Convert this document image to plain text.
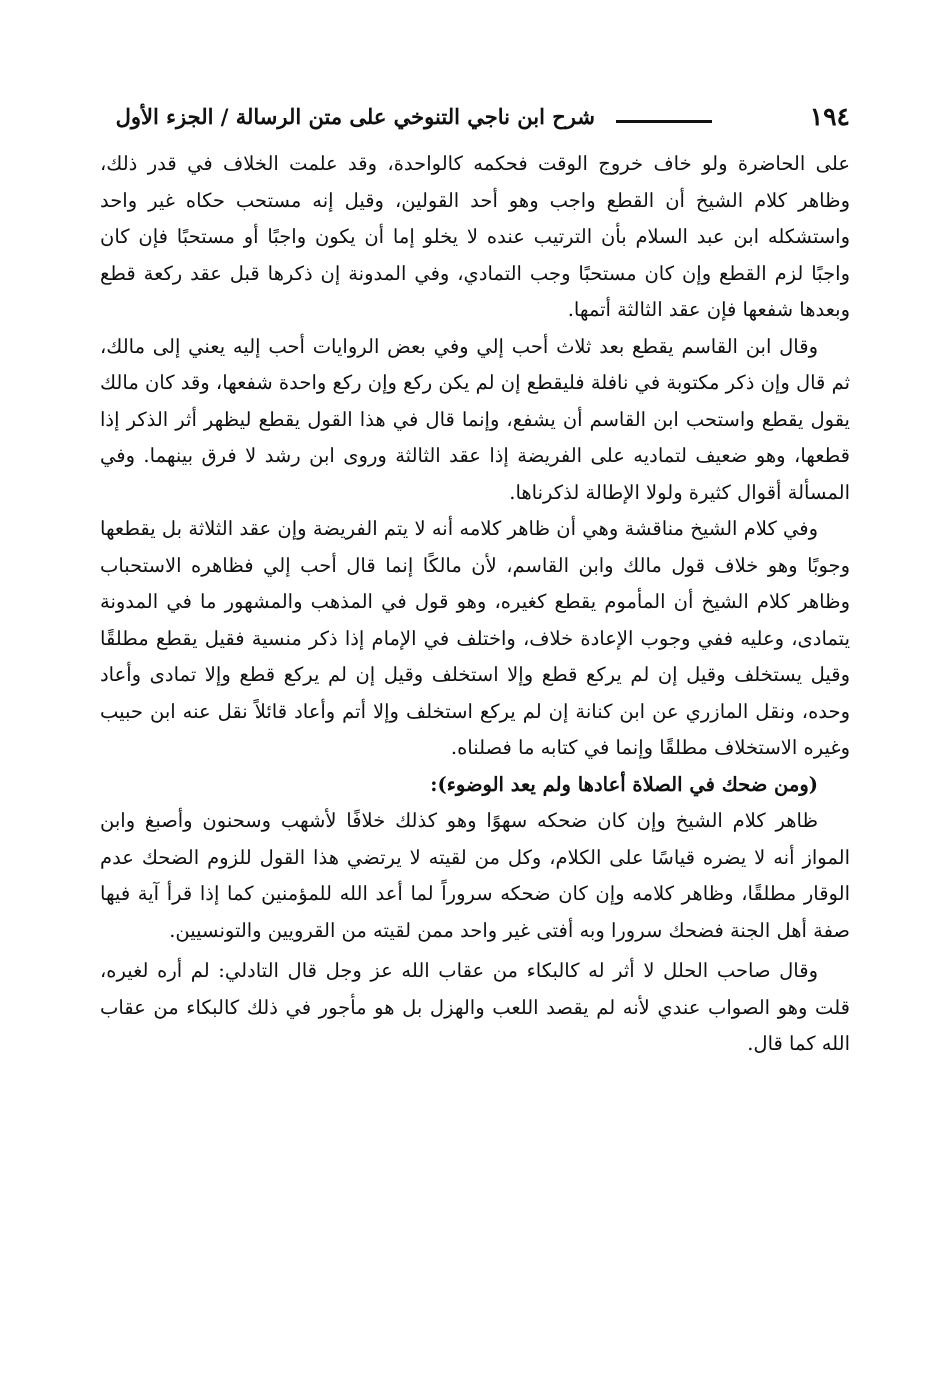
١٩٤
شرح ابن ناجي التنوخي على متن الرسالة / الجزء الأول

على الحاضرة ولو خاف خروج الوقت فحكمه كالواحدة، وقد علمت الخلاف في قدر ذلك، وظاهر كلام الشيخ أن القطع واجب وهو أحد القولين، وقيل إنه مستحب حكاه غير واحد واستشكله ابن عبد السلام بأن الترتيب عنده لا يخلو إما أن يكون واجبًا أو مستحبًا فإن كان واجبًا لزم القطع وإن كان مستحبًا وجب التمادي، وفي المدونة إن ذكرها قبل عقد ركعة قطع وبعدها شفعها فإن عقد الثالثة أتمها.

وقال ابن القاسم يقطع بعد ثلاث أحب إلي وفي بعض الروايات أحب إليه يعني إلى مالك، ثم قال وإن ذكر مكتوبة في نافلة فليقطع إن لم يكن ركع وإن ركع واحدة شفعها، وقد كان مالك يقول يقطع واستحب ابن القاسم أن يشفع، وإنما قال في هذا القول يقطع ليظهر أثر الذكر إذا قطعها، وهو ضعيف لتماديه على الفريضة إذا عقد الثالثة وروى ابن رشد لا فرق بينهما. وفي المسألة أقوال كثيرة ولولا الإطالة لذكرناها.

وفي كلام الشيخ مناقشة وهي أن ظاهر كلامه أنه لا يتم الفريضة وإن عقد الثلاثة بل يقطعها وجوبًا وهو خلاف قول مالك وابن القاسم، لأن مالكًا إنما قال أحب إلي فظاهره الاستحباب وظاهر كلام الشيخ أن المأموم يقطع كغيره، وهو قول في المذهب والمشهور ما في المدونة يتمادى، وعليه ففي وجوب الإعادة خلاف، واختلف في الإمام إذا ذكر منسية فقيل يقطع مطلقًا وقيل يستخلف وقيل إن لم يركع قطع وإلا استخلف وقيل إن لم يركع قطع وإلا تمادى وأعاد وحده، ونقل المازري عن ابن كنانة إن لم يركع استخلف وإلا أتم وأعاد قائلاً نقل عنه ابن حبيب وغيره الاستخلاف مطلقًا وإنما في كتابه ما فصلناه.

(ومن ضحك في الصلاة أعادها ولم يعد الوضوء):

ظاهر كلام الشيخ وإن كان ضحكه سهوًا وهو كذلك خلافًا لأشهب وسحنون وأصبغ وابن المواز أنه لا يضره قياسًا على الكلام، وكل من لقيته لا يرتضي هذا القول للزوم الضحك عدم الوقار مطلقًا، وظاهر كلامه وإن كان ضحكه سروراً لما أعد الله للمؤمنين كما إذا قرأ آية فيها صفة أهل الجنة فضحك سرورا وبه أفتى غير واحد ممن لقيته من القرويين والتونسيين.

وقال صاحب الحلل لا أثر له كالبكاء من عقاب الله عز وجل قال التادلي: لم أره لغيره، قلت وهو الصواب عندي لأنه لم يقصد اللعب والهزل بل هو مأجور في ذلك كالبكاء من عقاب الله كما قال.
